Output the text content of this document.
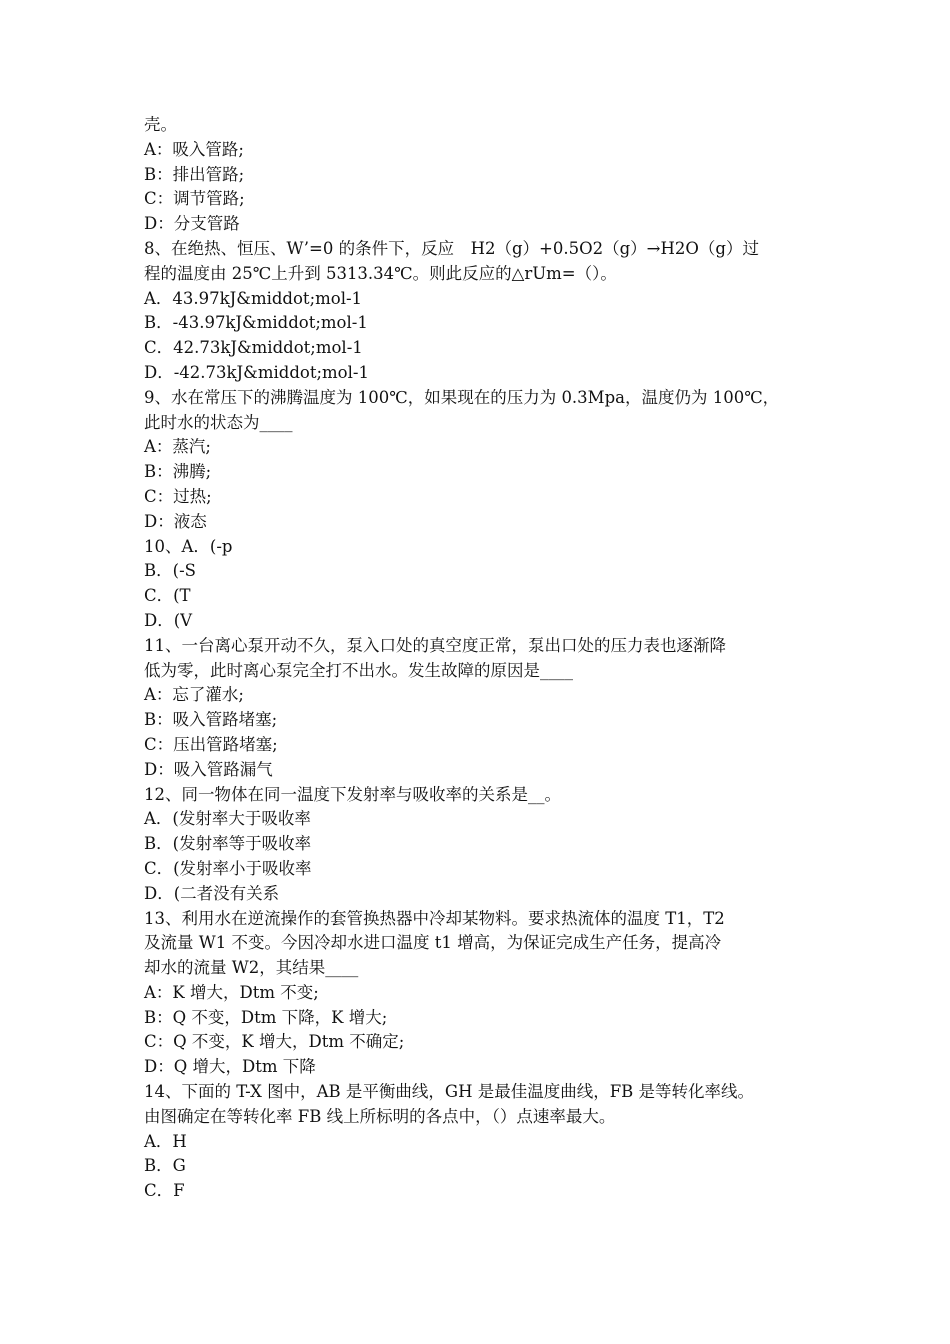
壳。
A：吸入管路;
B：排出管路;
C：调节管路;
D：分支管路
8、在绝热、恒压、W’=0 的条件下，反应　H2（g）+0.5O2（g）→H2O（g）过
程的温度由 25℃上升到 5313.34℃。则此反应的△rUm=（）。
A．43.97kJ&middot;mol-1
B．-43.97kJ&middot;mol-1
C．42.73kJ&middot;mol-1
D．-42.73kJ&middot;mol-1
9、水在常压下的沸腾温度为 100℃，如果现在的压力为 0.3Mpa，温度仍为 100℃，
此时水的状态为____
A：蒸汽;
B：沸腾;
C：过热;
D：液态
10、A．(-p
B．(-S
C．(T
D．(V
11、一台离心泵开动不久，泵入口处的真空度正常，泵出口处的压力表也逐渐降
低为零，此时离心泵完全打不出水。发生故障的原因是____
A：忘了灌水;
B：吸入管路堵塞;
C：压出管路堵塞;
D：吸入管路漏气
12、同一物体在同一温度下发射率与吸收率的关系是__。
A．(发射率大于吸收率
B．(发射率等于吸收率
C．(发射率小于吸收率
D．(二者没有关系
13、利用水在逆流操作的套管换热器中冷却某物料。要求热流体的温度 T1，T2
及流量 W1 不变。今因冷却水进口温度 t1 增高，为保证完成生产任务，提高冷
却水的流量 W2，其结果____
A：K 增大，Dtm 不变;
B：Q 不变，Dtm 下降，K 增大;
C：Q 不变，K 增大，Dtm 不确定;
D：Q 增大，Dtm 下降
14、下面的 T-X 图中，AB 是平衡曲线，GH 是最佳温度曲线，FB 是等转化率线。
由图确定在等转化率 FB 线上所标明的各点中，（）点速率最大。
A．H
B．G
C．F
